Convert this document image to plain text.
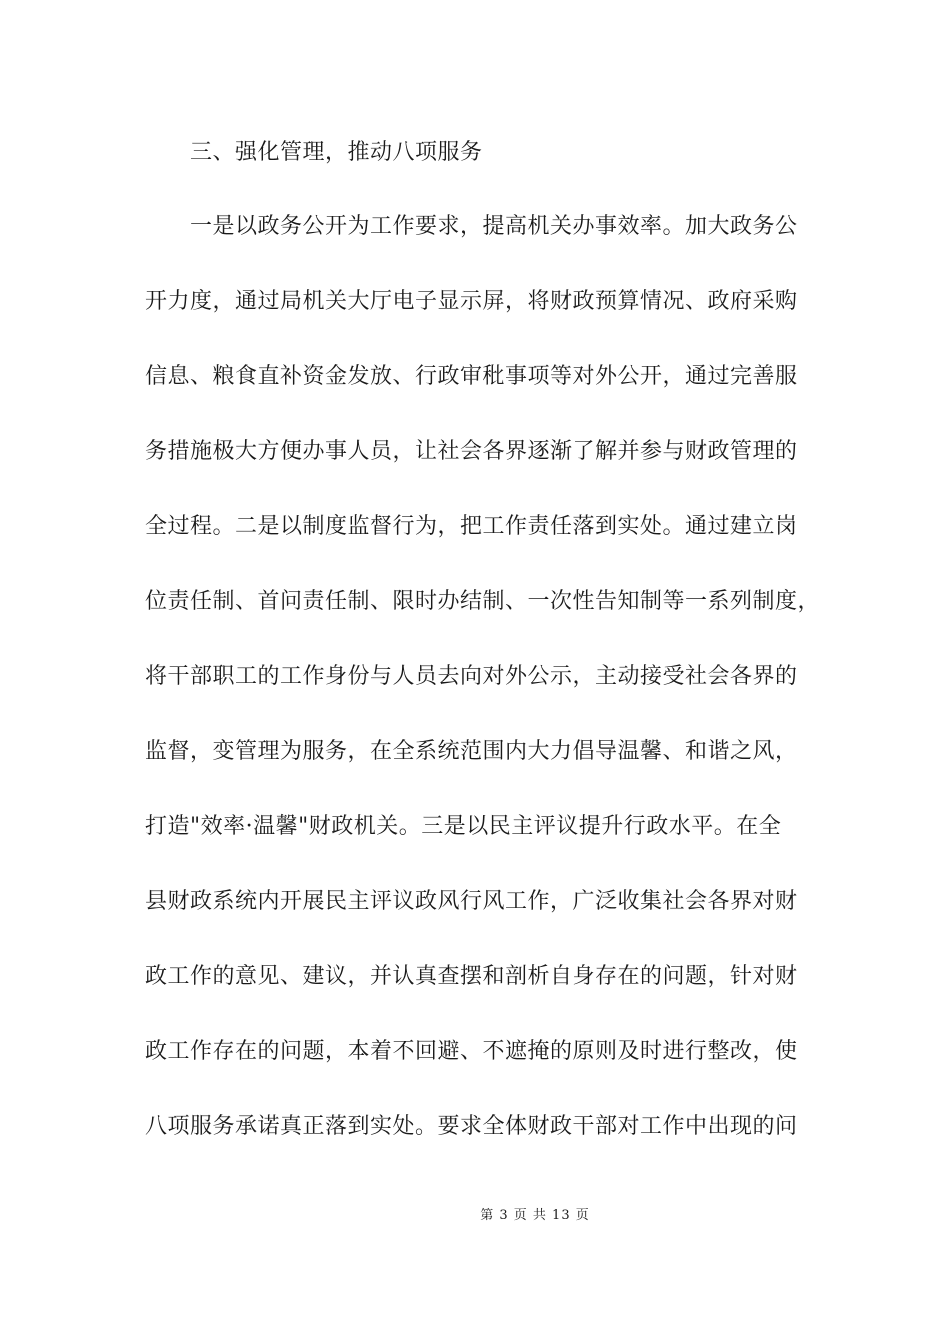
三、强化管理，推动八项服务
一是以政务公开为工作要求，提高机关办事效率。加大政务公
开力度，通过局机关大厅电子显示屏，将财政预算情况、政府采购
信息、粮食直补资金发放、行政审秕事项等对外公开，通过完善服
务措施极大方便办事人员，让社会各界逐渐了解并参与财政管理的
全过程。二是以制度监督行为，把工作责任落到实处。通过建立岗
位责任制、首问责任制、限时办结制、一次性告知制等一系列制度，
将干部职工的工作身份与人员去向对外公示，主动接受社会各界的
监督，变管理为服务，在全系统范围内大力倡导温馨、和谐之风，
打造"效率·温馨"财政机关。三是以民主评议提升行政水平。在全
县财政系统内开展民主评议政风行风工作，广泛收集社会各界对财
政工作的意见、建议，并认真查摆和剖析自身存在的问题，针对财
政工作存在的问题，本着不回避、不遮掩的原则及时进行整改，使
八项服务承诺真正落到实处。要求全体财政干部对工作中出现的问
第 3 页 共 13 页
